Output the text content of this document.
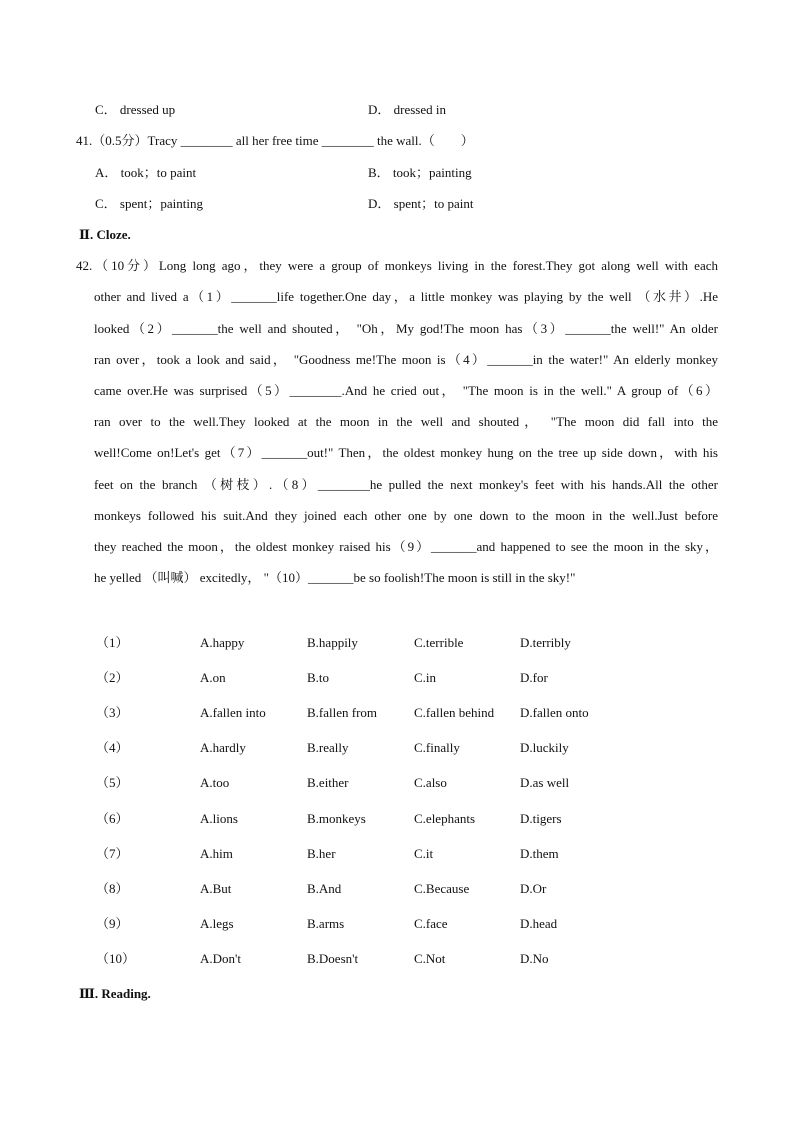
C． dressed up	D． dressed in
41.（0.5分）Tracy ________ all her free time ________ the wall.（　　）
A． took；to paint	B． took；painting
C． spent；painting	D． spent；to paint
Ⅱ. Cloze.
42.（10分）Long long ago，they were a group of monkeys living in the forest.They got along well with each
other and lived a（1）_______life together.One day，a little monkey was playing by the well （水井）.He
looked（2）_______the well and shouted， "Oh，My god!The moon has（3）_______the well!" An older
ran over，took a look and said， "Goodness me!The moon is（4）_______in the water!" An elderly monkey
came over.He was surprised（5）________.And he cried out， "The moon is in the well." A group of（6）
ran over to the well.They looked at the moon in the well and shouted， "The moon did fall into the
well!Come on!Let's get（7）_______out!" Then，the oldest monkey hung on the tree up side down，with his
feet on the branch （树枝）.（8）________he pulled the next monkey's feet with his hands.All the other
monkeys followed his suit.And they joined each other one by one down to the moon in the well.Just before
they reached the moon，the oldest monkey raised his（9）_______and happened to see the moon in the sky，
he yelled （叫喊） excitedly， "（10）_______be so foolish!The moon is still in the sky!"
（1）	A.happy	B.happily	C.terrible	D.terribly
（2）	A.on	B.to	C.in	D.for
（3）	A.fallen into	B.fallen from	C.fallen behind D.fallen onto
（4）	A.hardly	B.really	C.finally	D.luckily
（5）	A.too	B.either	C.also	D.as well
（6）	A.lions	B.monkeys	C.elephants	D.tigers
（7）	A.him	B.her	C.it	D.them
（8）	A.But	B.And	C.Because	D.Or
（9）	A.legs	B.arms	C.face	D.head
（10）	A.Don't	B.Doesn't	C.Not	D.No
Ⅲ. Reading.
